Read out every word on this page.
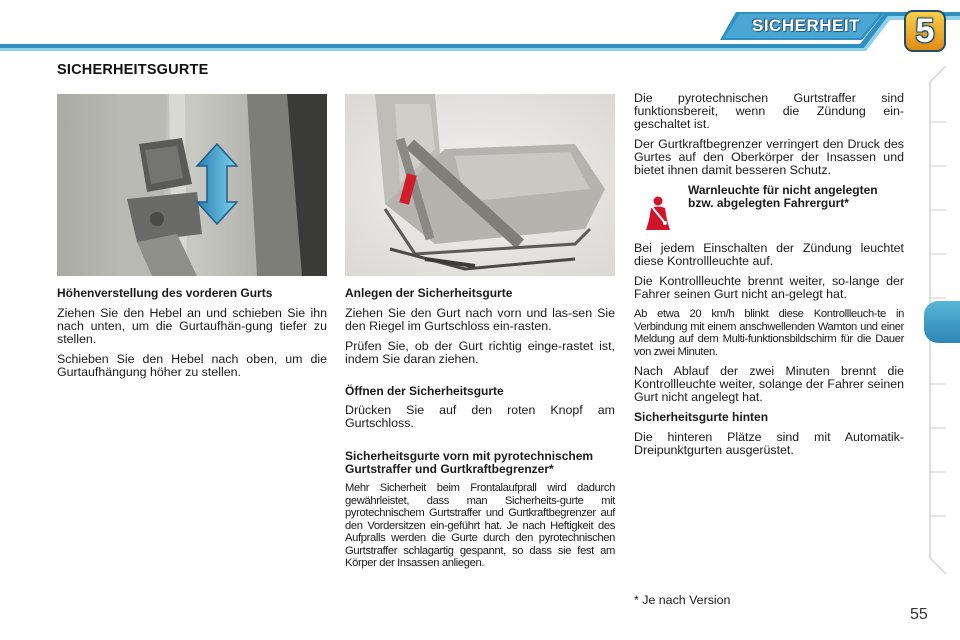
SICHERHEIT	5
SICHERHEITSGURTE
Höhenverstellung des vorderen Gurts

Ziehen Sie den Hebel an und schieben Sie ihn nach unten, um die Gurtaufhän-gung tiefer zu stellen.

Schieben Sie den Hebel nach oben, um die Gurtaufhängung höher zu stellen.

Anlegen der Sicherheitsgurte

Ziehen Sie den Gurt nach vorn und las-sen Sie den Riegel im Gurtschloss ein-rasten.

Prüfen Sie, ob der Gurt richtig einge-rastet ist, indem Sie daran ziehen.

Öffnen der Sicherheitsgurte

Drücken Sie auf den roten Knopf am Gurtschloss.

Sicherheitsgurte vorn mit pyrotechnischem Gurtstraffer und Gurtkraftbegrenzer*

Mehr Sicherheit beim Frontalaufprall wird dadurch gewährleistet, dass man Sicherheits-gurte mit pyrotechnischem Gurtstraffer und Gurtkraftbegrenzer auf den Vordersitzen ein-geführt hat. Je nach Heftigkeit des Aufpralls werden die Gurte durch den pyrotechnischen Gurtstraffer schlagartig gespannt, so dass sie fest am Körper der Insassen anliegen.

Die pyrotechnischen Gurtstraffer sind funktionsbereit, wenn die Zündung ein-geschaltet ist.

Der Gurtkraftbegrenzer verringert den Druck des Gurtes auf den Oberkörper der Insassen und bietet ihnen damit besseren Schutz.

Warnleuchte für nicht angelegten bzw. abgelegten Fahrergurt*

Bei jedem Einschalten der Zündung leuchtet diese Kontrollleuchte auf.

Die Kontrollleuchte brennt weiter, so-lange der Fahrer seinen Gurt nicht an-gelegt hat.

Ab etwa 20 km/h blinkt diese Kontrollleuch-te in Verbindung mit einem anschwellenden Wamton und einer Meldung auf dem Multi-funktionsbildschirm für die Dauer von zwei Minuten.

Nach Ablauf der zwei Minuten brennt die Kontrollleuchte weiter, solange der Fahrer seinen Gurt nicht angelegt hat.

Sicherheitsgurte hinten

Die hinteren Plätze sind mit Automatik-Dreipunktgurten ausgerüstet.

* Je nach Version
55
